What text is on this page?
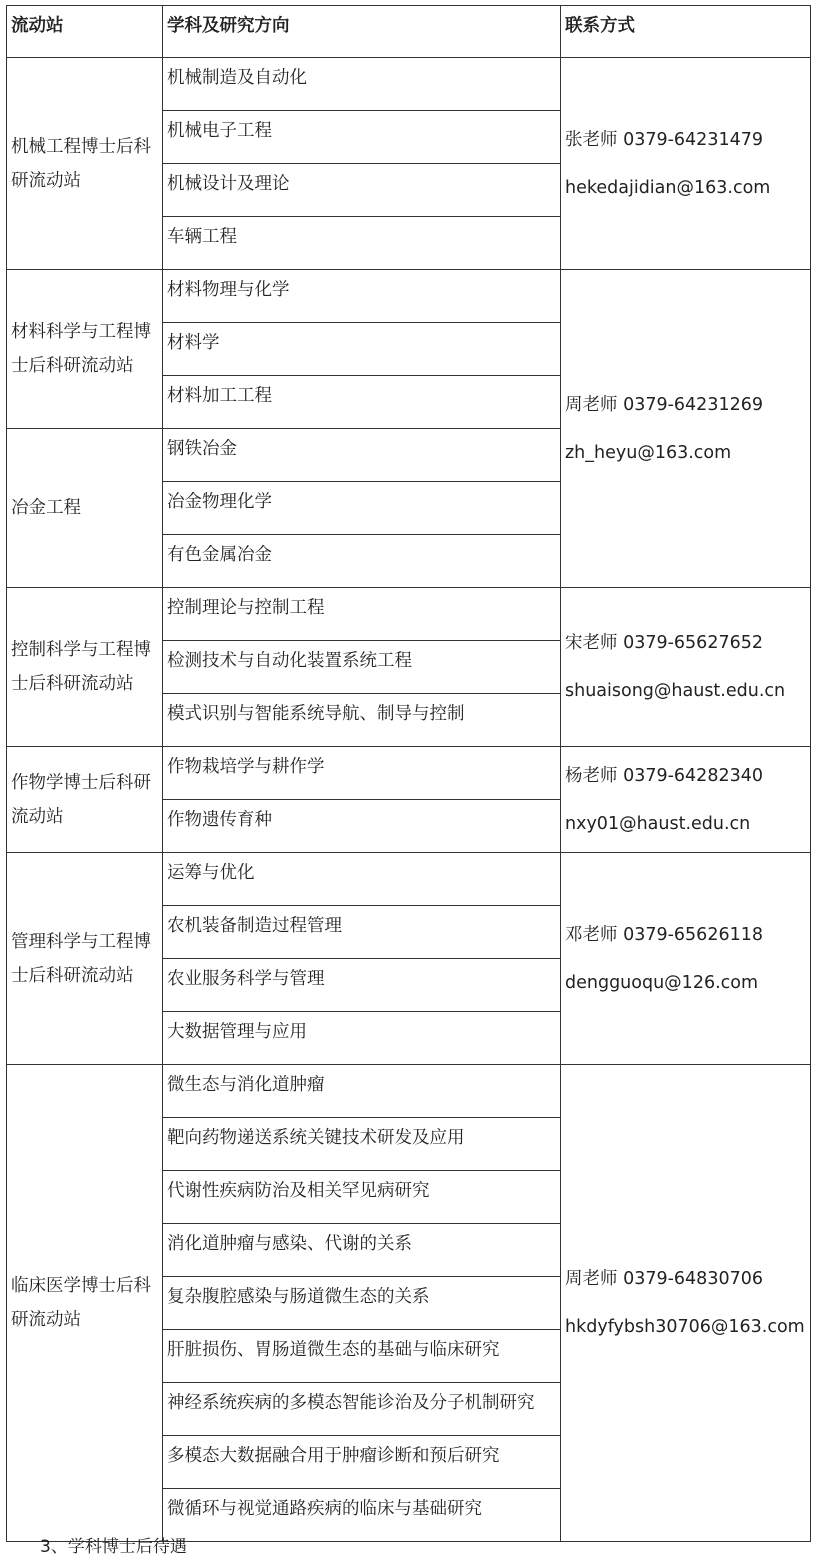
流动站	学科及研究方向	联系方式
机械工程博士后科研流动站	机械制造及自动化	张老师 0379-64231479
hekedajidian@163.com

	机械电子工程	
	机械设计及理论	
	车辆工程	
材料科学与工程博士后科研流动站	材料物理与化学	周老师 0379-64231269
zh_heyu@163.com

	材料学	
	材料加工工程	
冶金工程	钢铁冶金	
	冶金物理化学	
	有色金属冶金	
控制科学与工程博士后科研流动站	控制理论与控制工程	宋老师 0379-65627652
shuaisong@haust.edu.cn

	检测技术与自动化装置系统工程	
	模式识别与智能系统导航、制导与控制	
作物学博士后科研流动站	作物栽培学与耕作学	杨老师 0379-64282340
nxy01@haust.edu.cn

	作物遗传育种	
管理科学与工程博士后科研流动站	运筹与优化	邓老师 0379-65626118
dengguoqu@126.com

	农机装备制造过程管理	
	农业服务科学与管理	
	大数据管理与应用	
临床医学博士后科研流动站	微生态与消化道肿瘤	周老师 0379-64830706
hkdyfybsh30706@163.com

	靶向药物递送系统关键技术研发及应用	
	代谢性疾病防治及相关罕见病研究	
	消化道肿瘤与感染、代谢的关系	
	复杂腹腔感染与肠道微生态的关系	
	肝脏损伤、胃肠道微生态的基础与临床研究	
	神经系统疾病的多模态智能诊治及分子机制研究	
	多模态大数据融合用于肿瘤诊断和预后研究	
	微循环与视觉通路疾病的临床与基础研究	
3、学科博士后待遇
